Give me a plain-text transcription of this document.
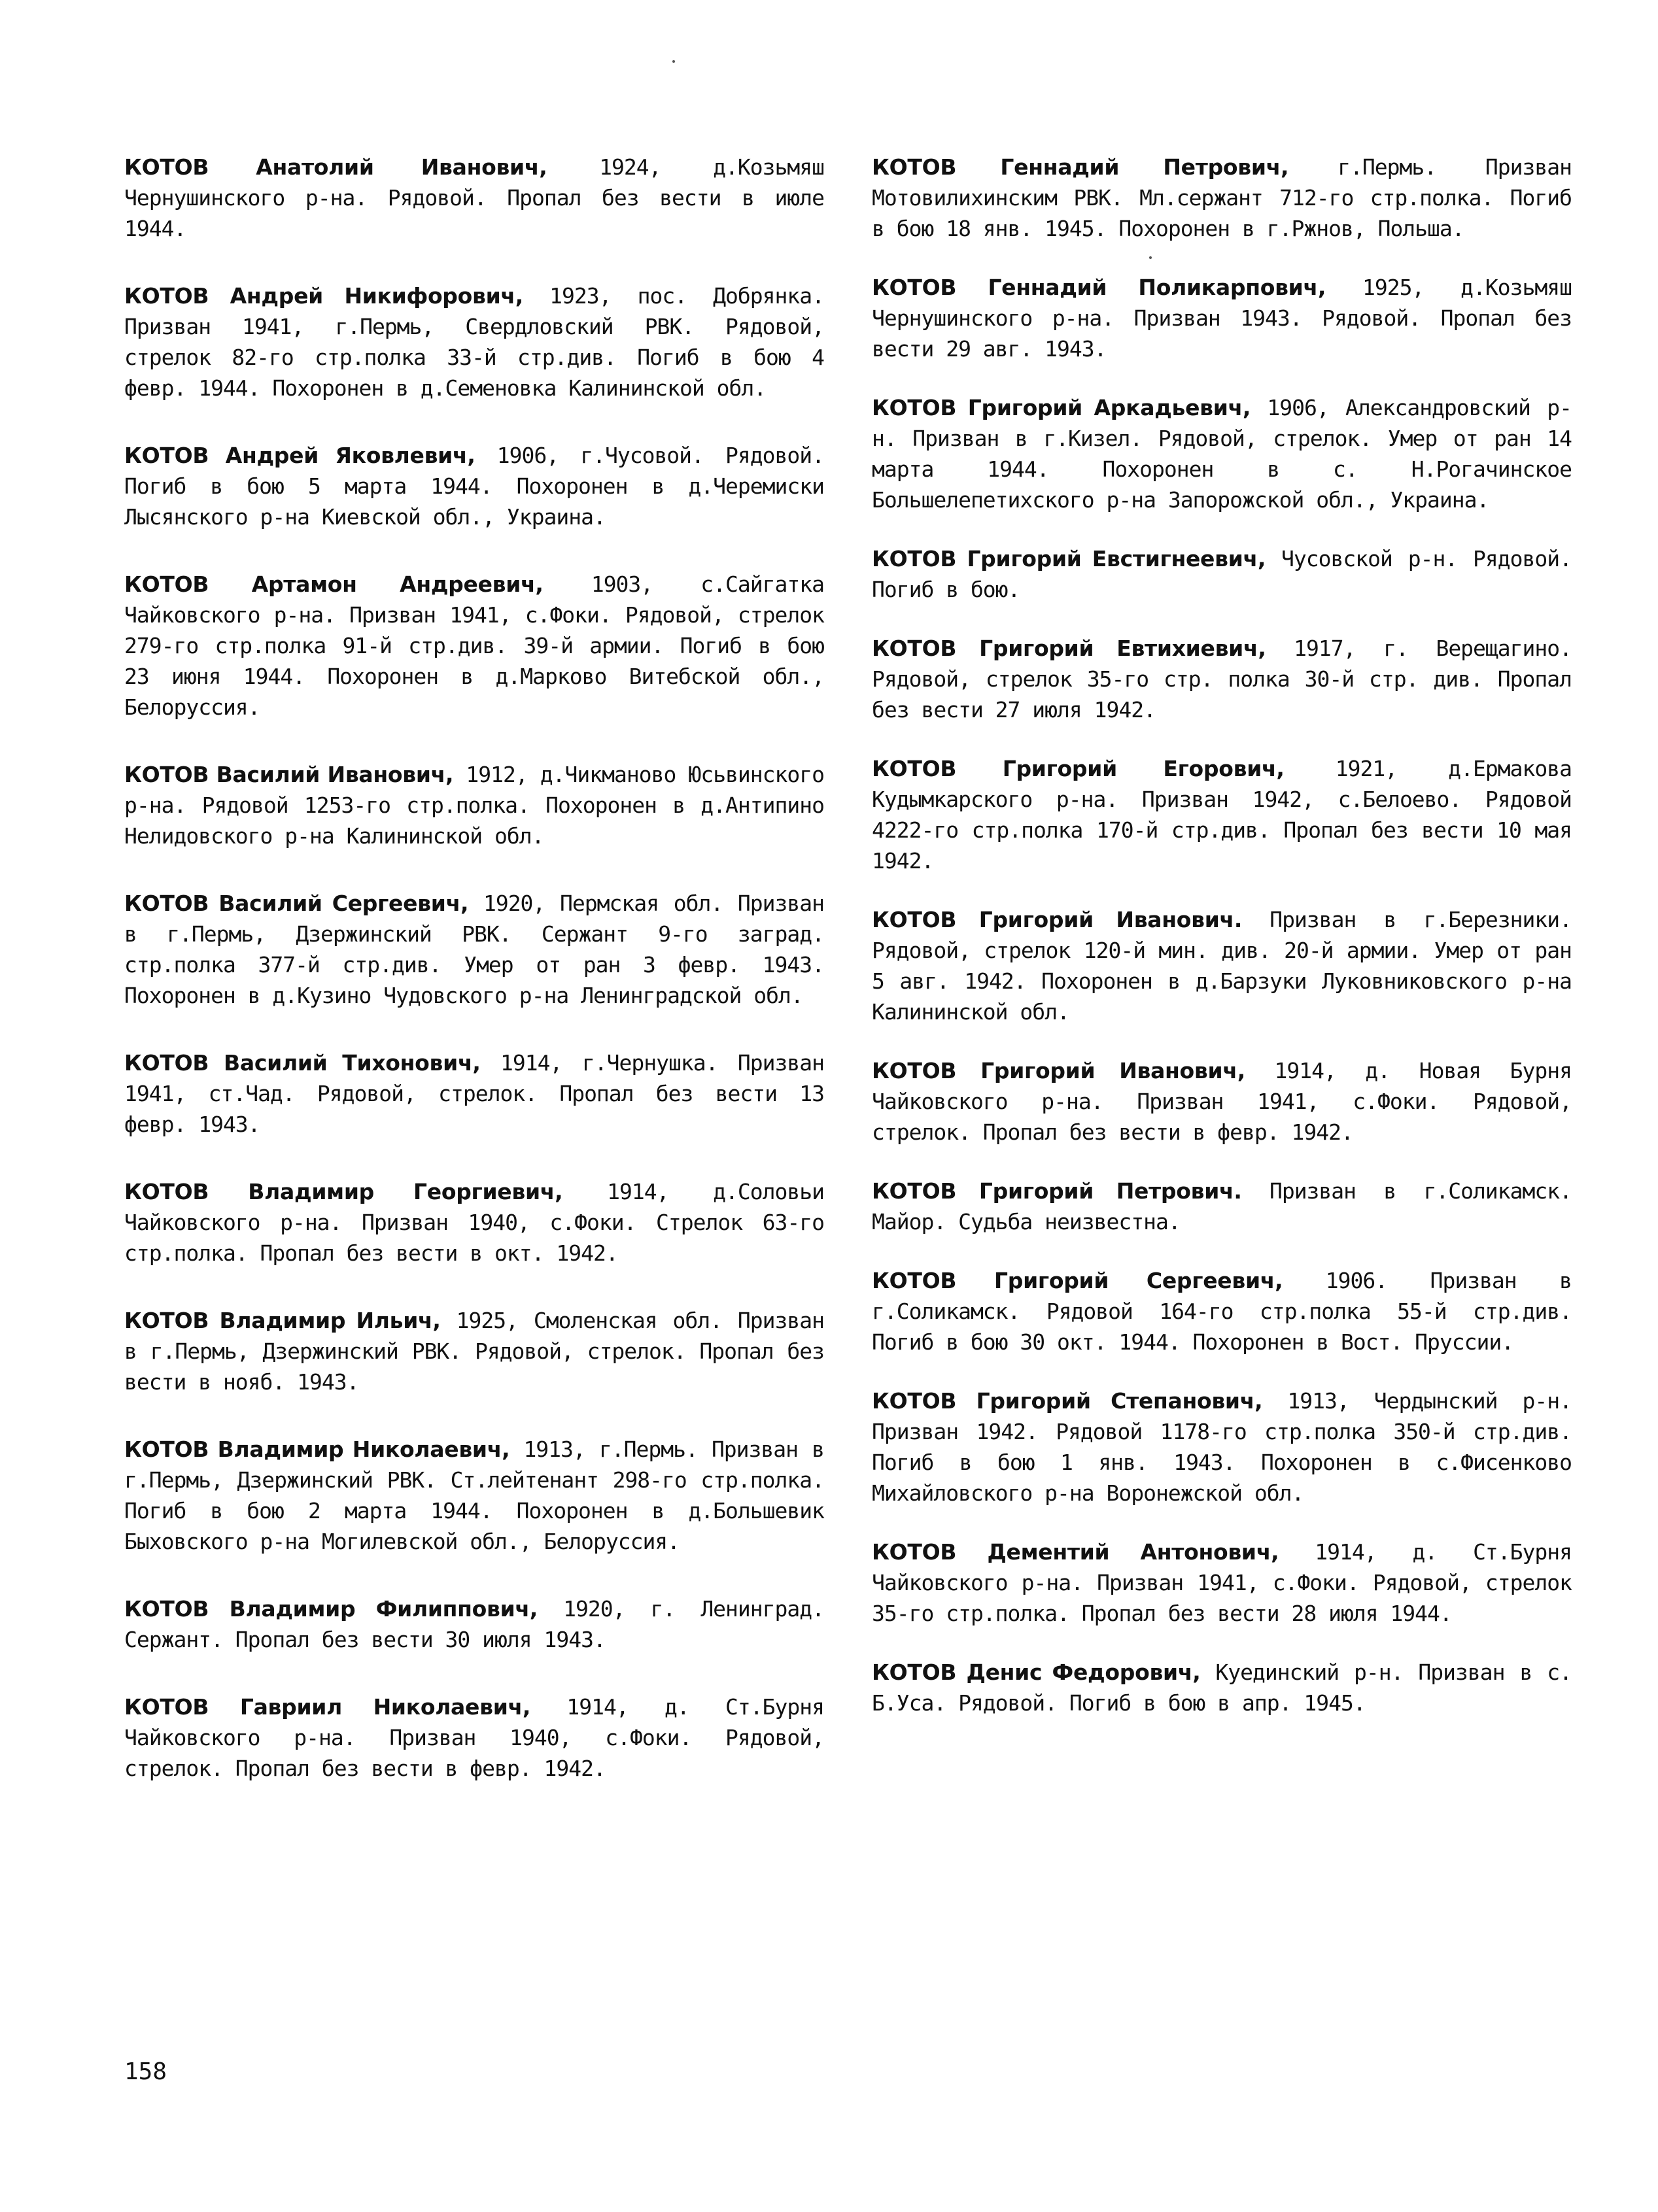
КОТОВ Анатолий Иванович, 1924, д.Козьмяш Чернушинского р-на. Рядовой. Пропал без вести в июле 1944.

КОТОВ Андрей Никифорович, 1923, пос. Добрянка. Призван 1941, г.Пермь, Свердловский РВК. Рядовой, стрелок 82-го стр.полка 33-й стр.див. Погиб в бою 4 февр. 1944. Похоронен в д.Семеновка Калининской обл.

КОТОВ Андрей Яковлевич, 1906, г.Чусовой. Рядовой. Погиб в бою 5 марта 1944. Похоронен в д.Черемиски Лысянского р-на Киевской обл., Украина.

КОТОВ Артамон Андреевич, 1903, с.Сайгатка Чайковского р-на. Призван 1941, с.Фоки. Рядовой, стрелок 279-го стр.полка 91-й стр.див. 39-й армии. Погиб в бою 23 июня 1944. Похоронен в д.Марково Витебской обл., Белоруссия.

КОТОВ Василий Иванович, 1912, д.Чикманово Юсьвинского р-на. Рядовой 1253-го стр.полка. Похоронен в д.Антипино Нелидовского р-на Калининской обл.

КОТОВ Василий Сергеевич, 1920, Пермская обл. Призван в г.Пермь, Дзержинский РВК. Сержант 9-го заград. стр.полка 377-й стр.див. Умер от ран 3 февр. 1943. Похоронен в д.Кузино Чудовского р-на Ленинградской обл.

КОТОВ Василий Тихонович, 1914, г.Чернушка. Призван 1941, ст.Чад. Рядовой, стрелок. Пропал без вести 13 февр. 1943.

КОТОВ Владимир Георгиевич, 1914, д.Соловьи Чайковского р-на. Призван 1940, с.Фоки. Стрелок 63-го стр.полка. Пропал без вести в окт. 1942.

КОТОВ Владимир Ильич, 1925, Смоленская обл. Призван в г.Пермь, Дзержинский РВК. Рядовой, стрелок. Пропал без вести в нояб. 1943.

КОТОВ Владимир Николаевич, 1913, г.Пермь. Призван в г.Пермь, Дзержинский РВК. Ст.лейтенант 298-го стр.полка. Погиб в бою 2 марта 1944. Похоронен в д.Большевик Быховского р-на Могилевской обл., Белоруссия.

КОТОВ Владимир Филиппович, 1920, г. Ленинград. Сержант. Пропал без вести 30 июля 1943.

КОТОВ Гавриил Николаевич, 1914, д. Ст.Бурня Чайковского р-на. Призван 1940, с.Фоки. Рядовой, стрелок. Пропал без вести в февр. 1942.

КОТОВ Геннадий Петрович, г.Пермь. Призван Мотовилихинским РВК. Мл.сержант 712-го стр.полка. Погиб в бою 18 янв. 1945. Похоронен в г.Ржнов, Польша.

КОТОВ Геннадий Поликарпович, 1925, д.Козьмяш Чернушинского р-на. Призван 1943. Рядовой. Пропал без вести 29 авг. 1943.

КОТОВ Григорий Аркадьевич, 1906, Александровский р-н. Призван в г.Кизел. Рядовой, стрелок. Умер от ран 14 марта 1944. Похоронен в с. Н.Рогачинское Большелепетихского р-на Запорожской обл., Украина.

КОТОВ Григорий Евстигнеевич, Чусовской р-н. Рядовой. Погиб в бою.

КОТОВ Григорий Евтихиевич, 1917, г. Верещагино. Рядовой, стрелок 35-го стр. полка 30-й стр. див. Пропал без вести 27 июля 1942.

КОТОВ Григорий Егорович, 1921, д.Ермакова Кудымкарского р-на. Призван 1942, с.Белоевo. Рядовой 4222-го стр.полка 170-й стр.див. Пропал без вести 10 мая 1942.

КОТОВ Григорий Иванович. Призван в г.Березники. Рядовой, стрелок 120-й мин. див. 20-й армии. Умер от ран 5 авг. 1942. Похоронен в д.Барзуки Луковниковского р-на Калининской обл.

КОТОВ Григорий Иванович, 1914, д. Новая Бурня Чайковского р-на. Призван 1941, с.Фоки. Рядовой, стрелок. Пропал без вести в февр. 1942.

КОТОВ Григорий Петрович. Призван в г.Соликамск. Майор. Судьба неизвестна.

КОТОВ Григорий Сергеевич, 1906. Призван в г.Соликамск. Рядовой 164-го стр.полка 55-й стр.див. Погиб в бою 30 окт. 1944. Похоронен в Вост. Пруссии.

КОТОВ Григорий Степанович, 1913, Чердынский р-н. Призван 1942. Рядовой 1178-го стр.полка 350-й стр.див. Погиб в бою 1 янв. 1943. Похоронен в с.Фисенково Михайловского р-на Воронежской обл.

КОТОВ Дементий Антонович, 1914, д. Ст.Бурня Чайковского р-на. Призван 1941, с.Фоки. Рядовой, стрелок 35-го стр.полка. Пропал без вести 28 июля 1944.

КОТОВ Денис Федорович, Куединский р-н. Призван в с. Б.Уса. Рядовой. Погиб в бою в апр. 1945.

158
